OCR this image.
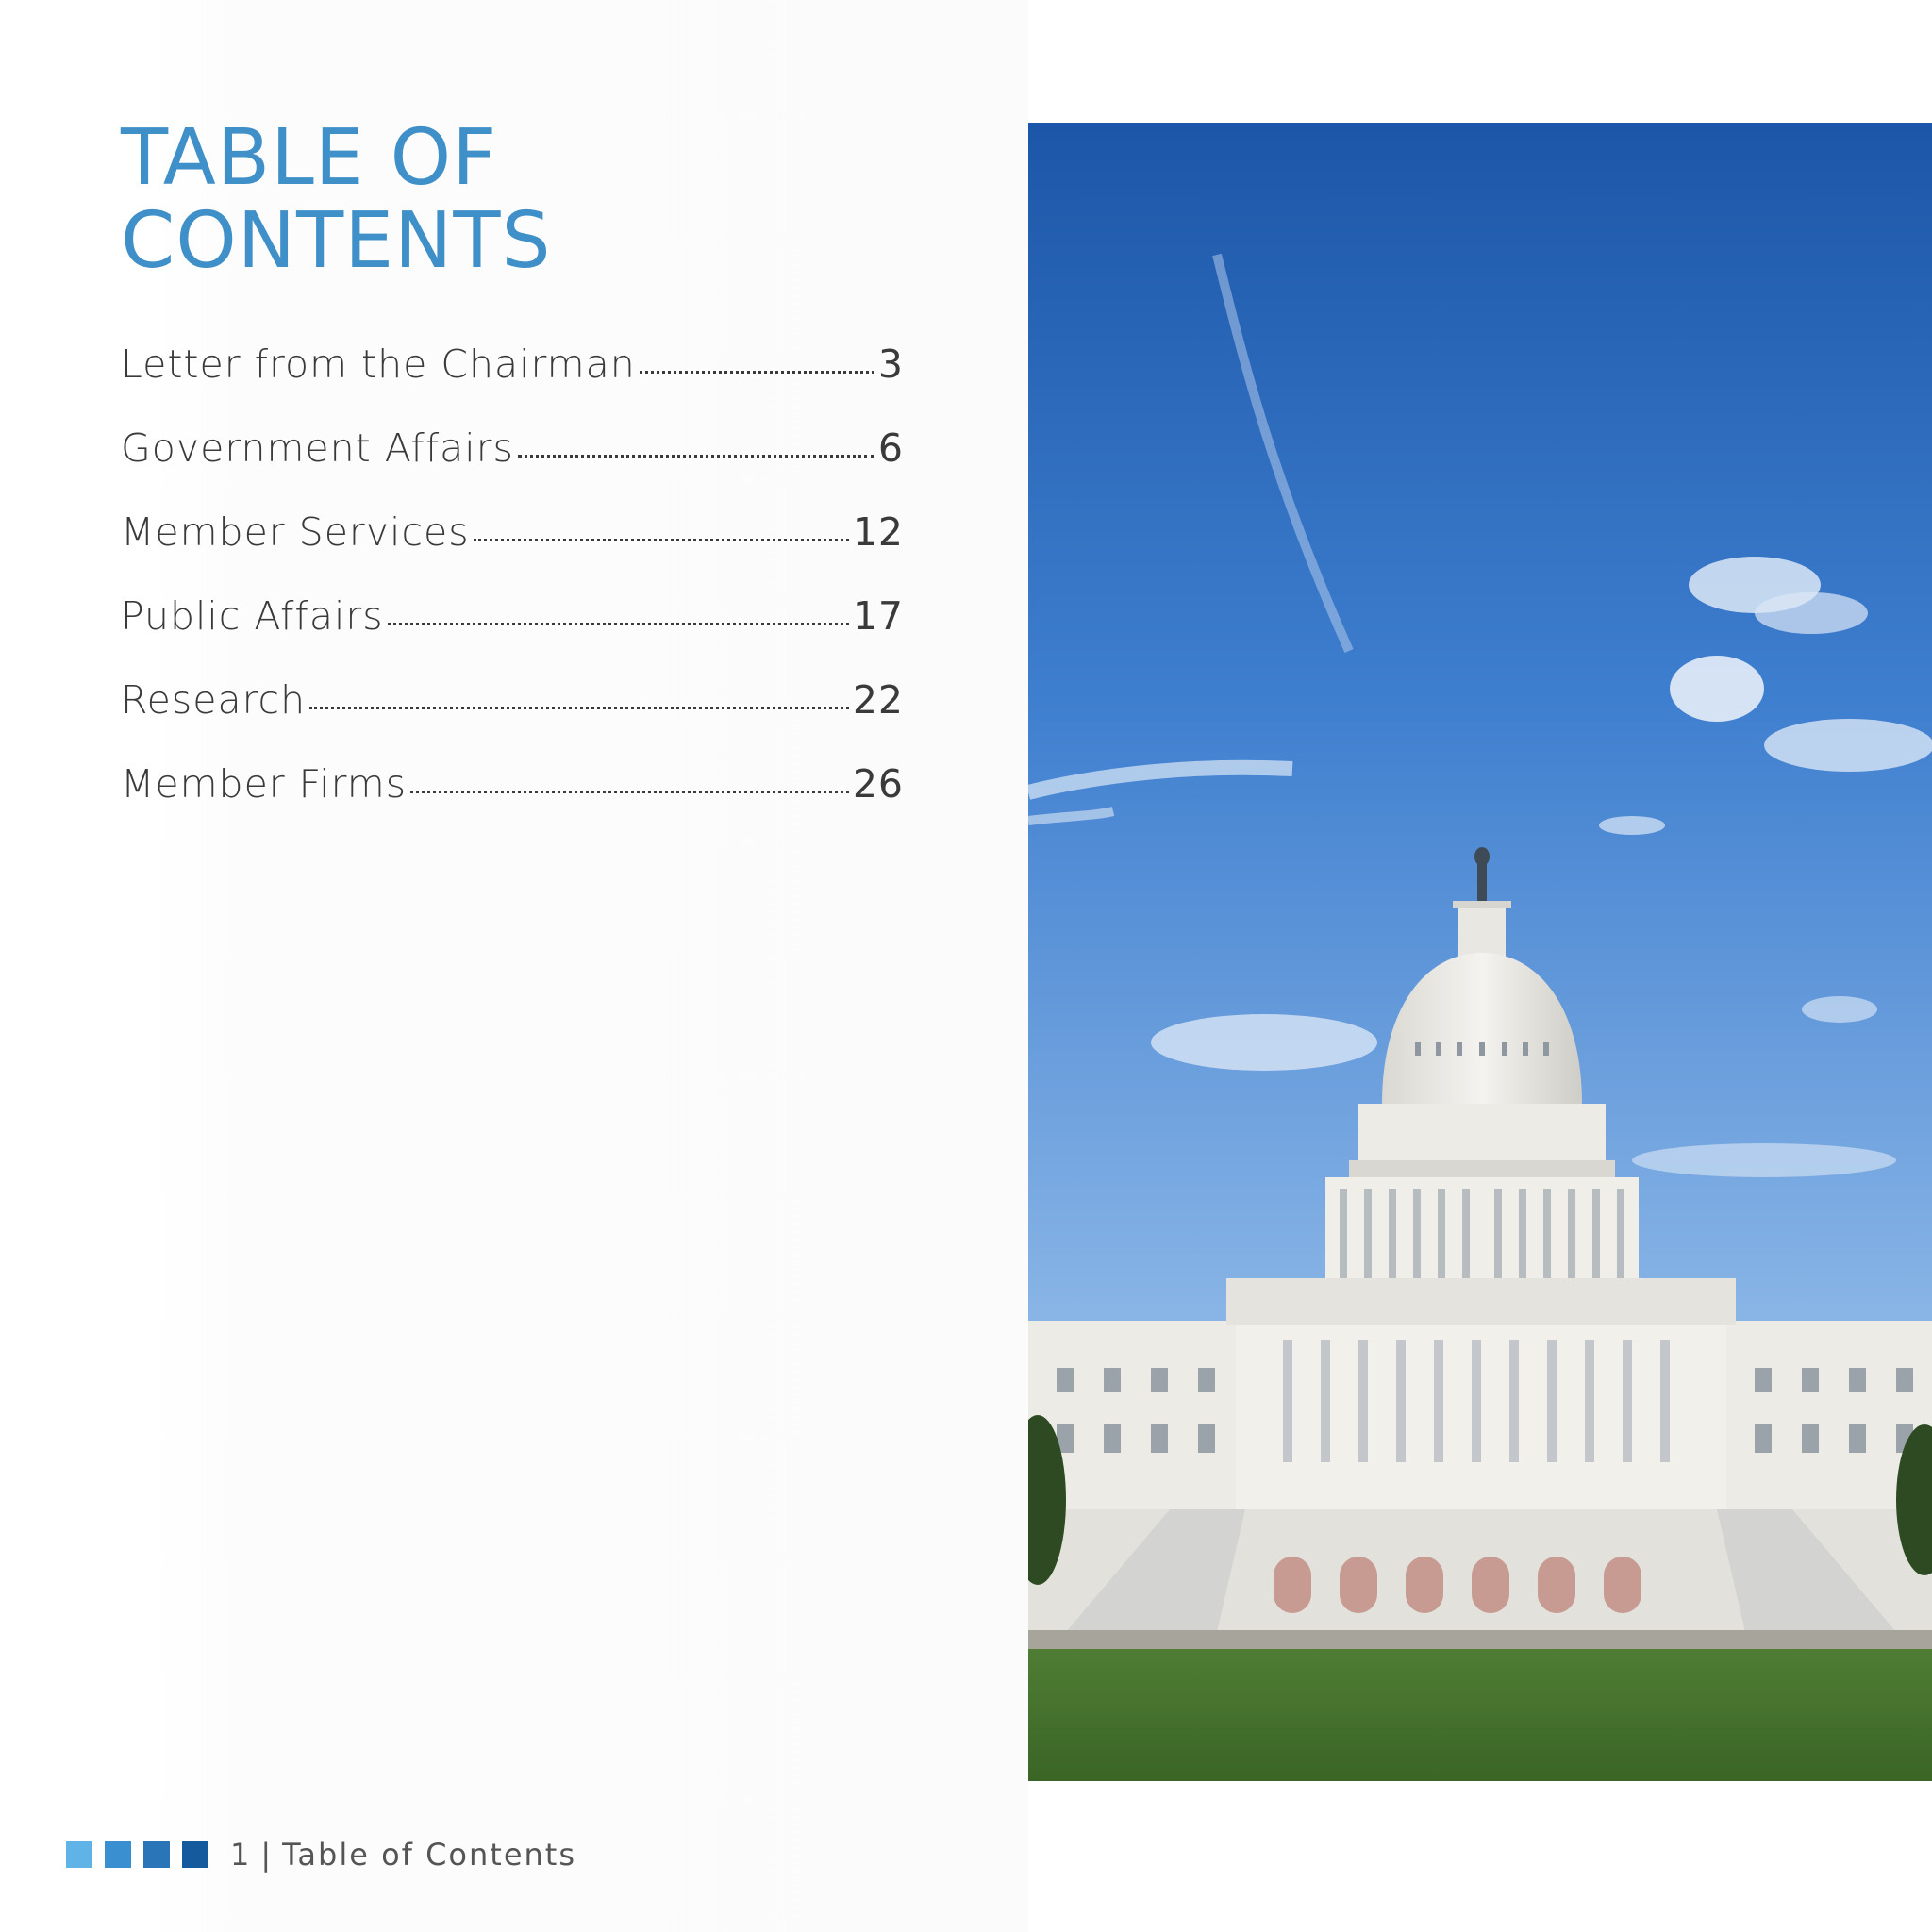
TABLE OF
CONTENTS
Letter from the Chairman	3
Government Affairs	6
Member Services	12
Public Affairs	17
Research	22
Member Firms	26
1 | Table of Contents
